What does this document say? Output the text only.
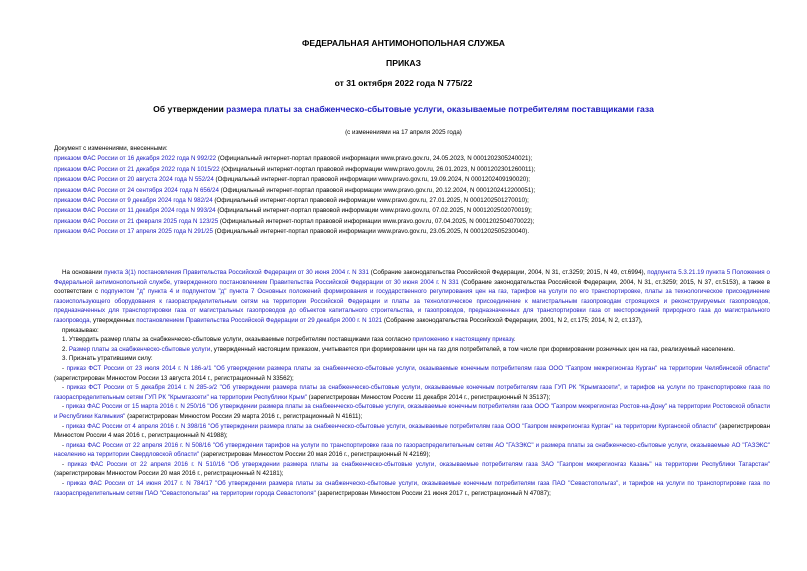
ФЕДЕРАЛЬНАЯ АНТИМОНОПОЛЬНАЯ СЛУЖБА
ПРИКАЗ
от 31 октября 2022 года N 775/22
Об утверждении размера платы за снабженческо-сбытовые услуги, оказываемые потребителям поставщиками газа
(с изменениями на 17 апреля 2025 года)
Документ с изменениями, внесенными:
приказом ФАС России от 16 декабря 2022 года N 992/22 (Официальный интернет-портал правовой информации www.pravo.gov.ru, 24.05.2023, N 0001202305240021);
приказом ФАС России от 21 декабря 2022 года N 1015/22 (Официальный интернет-портал правовой информации www.pravo.gov.ru, 26.01.2023, N 0001202301260011);
приказом ФАС России от 20 августа 2024 года N 552/24 (Официальный интернет-портал правовой информации www.pravo.gov.ru, 19.09.2024, N 0001202409190020);
приказом ФАС России от 24 сентября 2024 года N 656/24 (Официальный интернет-портал правовой информации www.pravo.gov.ru, 20.12.2024, N 0001202412200051);
приказом ФАС России от 9 декабря 2024 года N 982/24 (Официальный интернет-портал правовой информации www.pravo.gov.ru, 27.01.2025, N 0001202501270010);
приказом ФАС России от 11 декабря 2024 года N 993/24 (Официальный интернет-портал правовой информации www.pravo.gov.ru, 07.02.2025, N 0001202502070019);
приказом ФАС России от 21 февраля 2025 года N 123/25 (Официальный интернет-портал правовой информации www.pravo.gov.ru, 07.04.2025, N 0001202504070022);
приказом ФАС России от 17 апреля 2025 года N 291/25 (Официальный интернет-портал правовой информации www.pravo.gov.ru, 23.05.2025, N 0001202505230040).

На основании пункта 3(1) постановления Правительства Российской Федерации от 30 июня 2004 г. N 331 (Собрание законодательства Российской Федерации, 2004, N 31, ст.3259; 2015, N 49, ст.6994), подпункта 5.3.21.19 пункта 5 Положения о Федеральной антимонопольной службе, утвержденного постановлением Правительства Российской Федерации от 30 июня 2004 г. N 331 (Собрание законодательства Российской Федерации, 2004, N 31, ст.3259; 2015, N 37, ст.5153), а также в соответствии с подпунктом "д" пункта 4 и подпунктом "д" пункта 7 Основных положений формирования и государственного регулирования цен на газ, тарифов на услуги по его транспортировке, платы за технологическое присоединение газоиспользующего оборудования к газораспределительным сетям на территории Российской Федерации и платы за технологическое присоединение к магистральным газопроводам строящихся и реконструируемых газопроводов, предназначенных для транспортировки газа от магистральных газопроводов до объектов капитального строительства, и газопроводов, предназначенных для транспортировки газа от месторождений природного газа до магистрального газопровода, утвержденных постановлением Правительства Российской Федерации от 29 декабря 2000 г. N 1021 (Собрание законодательства Российской Федерации, 2001, N 2, ст.175; 2014, N 2, ст.137),

приказываю:

1. Утвердить размер платы за снабженческо-сбытовые услуги, оказываемые потребителям поставщиками газа согласно приложению к настоящему приказу.

2. Размер платы за снабженческо-сбытовые услуги, утвержденный настоящим приказом, учитывается при формировании цен на газ для потребителей, в том числе при формировании розничных цен на газ, реализуемый населению.

3. Признать утратившими силу:

- приказ ФСТ России от 23 июля 2014 г. N 186-э/1 "Об утверждении размера платы за снабженческо-сбытовые услуги, оказываемые конечным потребителям газа ООО "Газпром межрегионгаз Курган" на территории Челябинской области" (зарегистрирован Минюстом России 13 августа 2014 г., регистрационный N 33562);

- приказ ФСТ России от 5 декабря 2014 г. N 285-э/2 "Об утверждении размера платы за снабженческо-сбытовые услуги, оказываемые конечным потребителям газа ГУП РК "Крымгазсети", и тарифов на услуги по транспортировке газа по газораспределительным сетям ГУП РК "Крымгазсети" на территории Республики Крым" (зарегистрирован Минюстом России 11 декабря 2014 г., регистрационный N 35137);

- приказ ФАС России от 15 марта 2016 г. N 250/16 "Об утверждении размера платы за снабженческо-сбытовые услуги, оказываемые конечным потребителям газа ООО "Газпром межрегионгаз Ростов-на-Дону" на территории Ростовской области и Республики Калмыкия" (зарегистрирован Минюстом России 29 марта 2016 г., регистрационный N 41611);

- приказ ФАС России от 4 апреля 2016 г. N 398/16 "Об утверждении размера платы за снабженческо-сбытовые услуги, оказываемые потребителям газа ООО "Газпром межрегионгаз Курган" на территории Курганской области" (зарегистрирован Минюстом России 4 мая 2016 г., регистрационный N 41988);

- приказ ФАС России от 22 апреля 2016 г. N 508/16 "Об утверждении тарифов на услуги по транспортировке газа по газораспределительным сетям АО "ГАЗЭКС" и размера платы за снабженческо-сбытовые услуги, оказываемые АО "ГАЗЭКС" населению на территории Свердловской области" (зарегистрирован Минюстом России 20 мая 2016 г., регистрационный N 42169);

- приказ ФАС России от 22 апреля 2016 г. N 510/16 "Об утверждении размера платы за снабженческо-сбытовые услуги, оказываемые потребителям газа ЗАО "Газпром межрегионгаз Казань" на территории Республики Татарстан" (зарегистрирован Минюстом России 20 мая 2016 г., регистрационный N 42181);

- приказ ФАС России от 14 июня 2017 г. N 784/17 "Об утверждении размера платы за снабженческо-сбытовые услуги, оказываемые конечным потребителям газа ПАО "Севастопольгаз", и тарифов на услуги по транспортировке газа по газораспределительным сетям ПАО "Севастопольгаз" на территории города Севастополя" (зарегистрирован Минюстом России 21 июня 2017 г., регистрационный N 47087);
